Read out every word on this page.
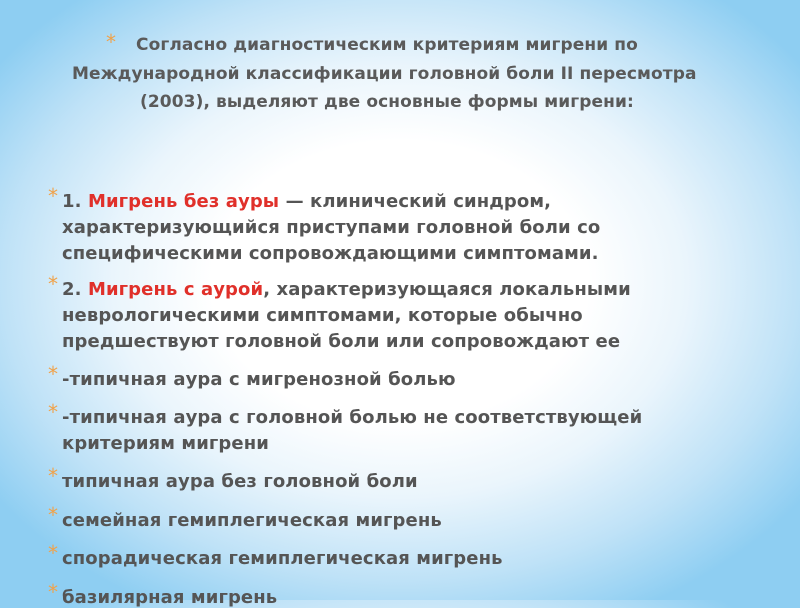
* Согласно диагностическим критериям мигрени по
Международной классификации головной боли II пересмотра
(2003), выделяют две основные формы мигрени:
* 1. Мигрень без ауры — клинический синдром,
характеризующийся приступами головной боли со
специфическими сопровождающими симптомами.
* 2. Мигрень с аурой, характеризующаяся локальными
неврологическими симптомами, которые обычно
предшествуют головной боли или сопровождают ее
* -типичная аура с мигренозной болью
* -типичная аура с головной болью не соответствующей
критериям мигрени
* типичная аура без головной боли
* семейная гемиплегическая мигрень
* спорадическая гемиплегическая мигрень
* базилярная мигрень
